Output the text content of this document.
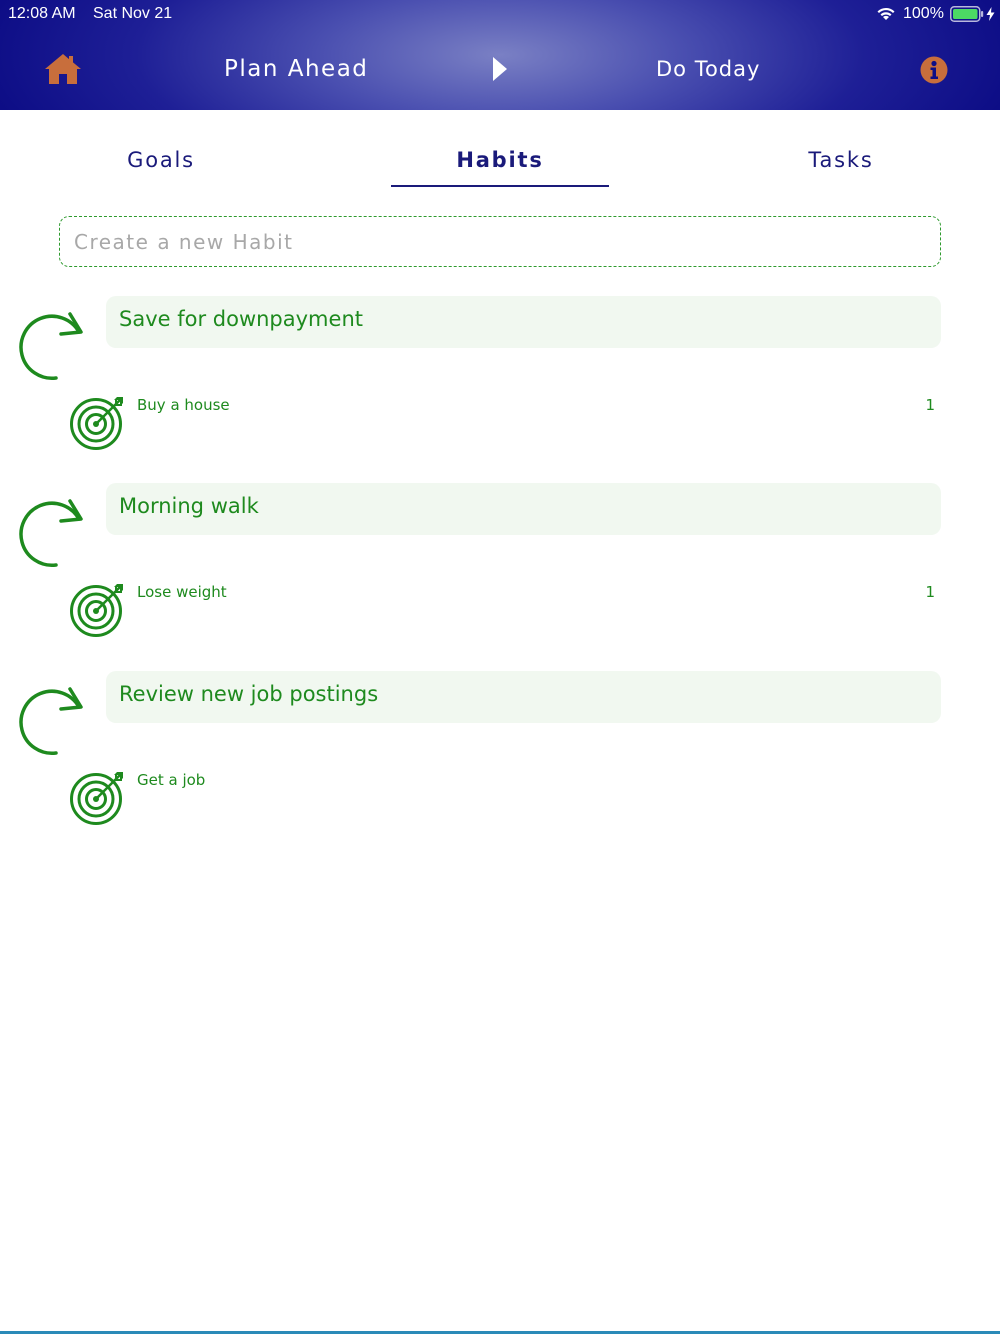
12:08 AM Sat Nov 21	100%
Plan Ahead	Do Today
Goals	Habits	Tasks
Create a new Habit
Save for downpayment
Buy a house	1
Morning walk
Lose weight	1
Review new job postings
Get a job
